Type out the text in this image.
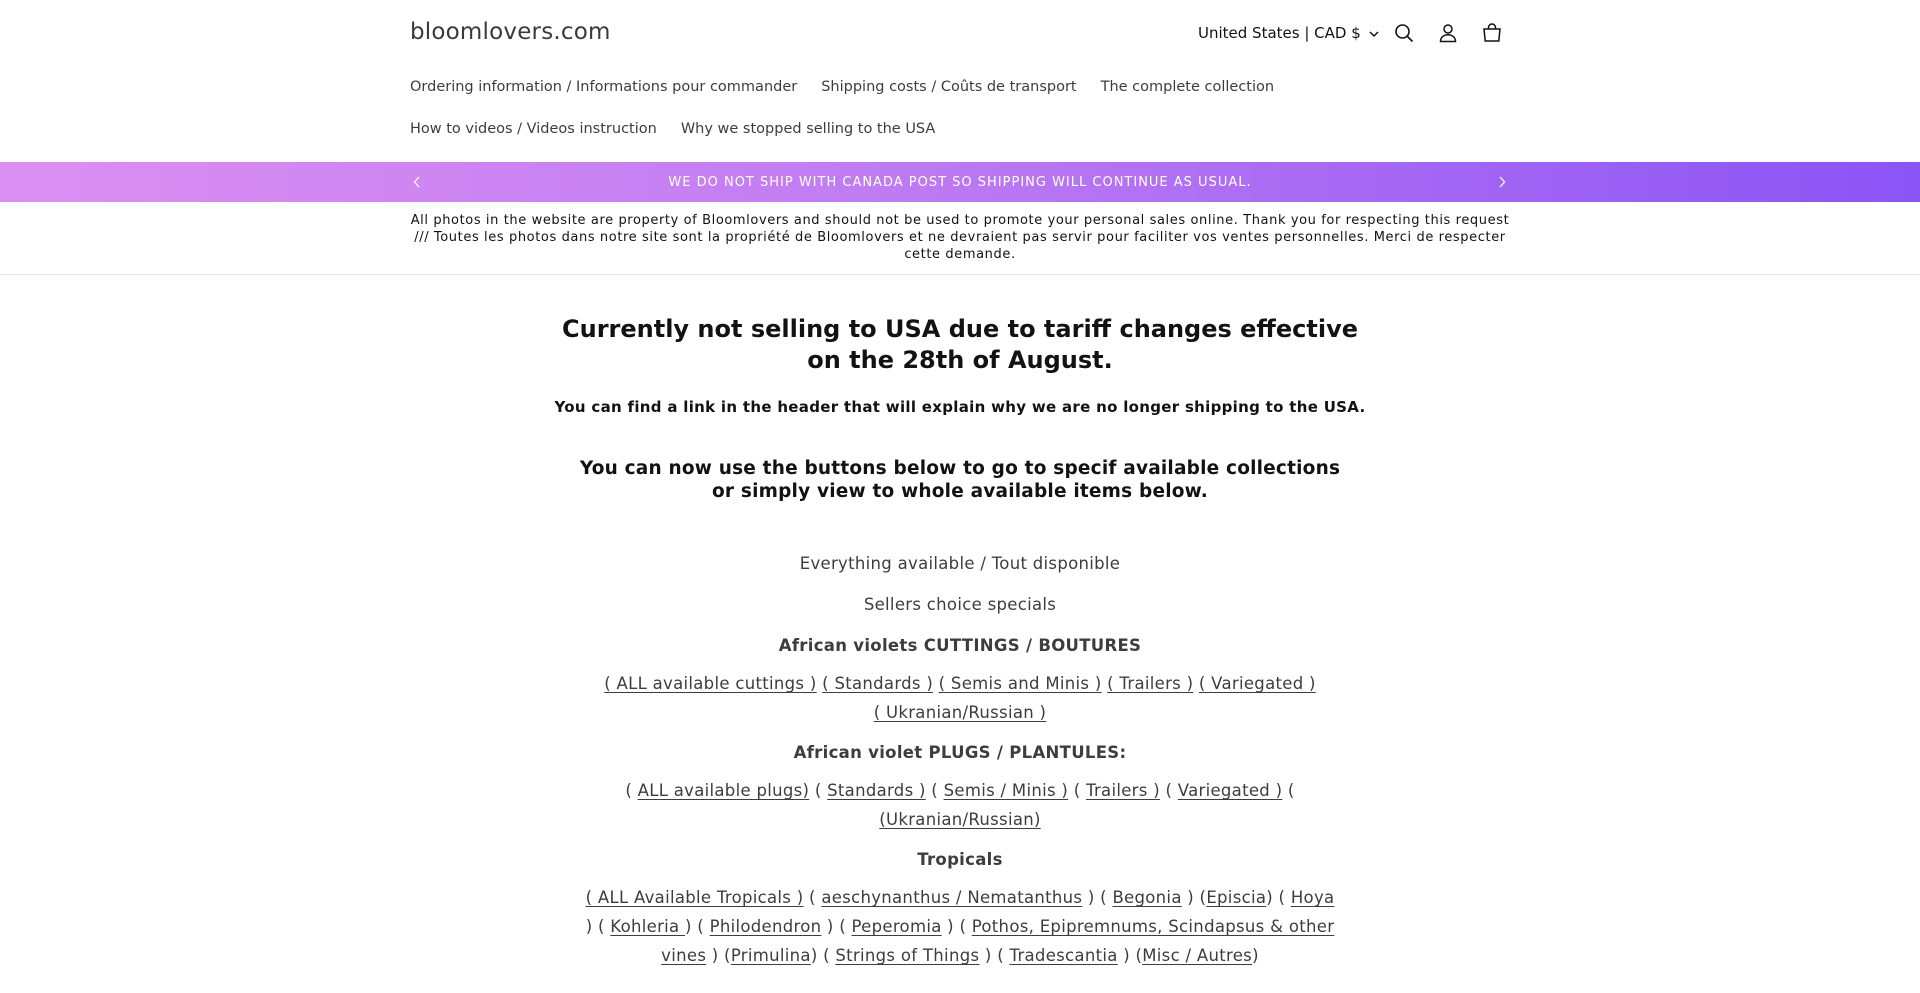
bloomlovers.com	United States | CAD $
Ordering information / Informations pour commander Shipping costs / Coûts de transport The complete collection
How to videos / Videos instruction Why we stopped selling to the USA
WE DO NOT SHIP WITH CANADA POST SO SHIPPING WILL CONTINUE AS USUAL.
All photos in the website are property of Bloomlovers and should not be used to promote your personal sales online. Thank you for respecting this request /// Toutes les photos dans notre site sont la propriété de Bloomlovers et ne devraient pas servir pour faciliter vos ventes personnelles. Merci de respecter cette demande.
Currently not selling to USA due to tariff changes effective on the 28th of August.
You can find a link in the header that will explain why we are no longer shipping to the USA.
You can now use the buttons below to go to specif available collections or simply view to whole available items below.
Everything available / Tout disponible
Sellers choice specials
African violets CUTTINGS / BOUTURES
( ALL available cuttings ) ( Standards ) ( Semis and Minis ) ( Trailers ) ( Variegated ) ( Ukranian/Russian )
African violet PLUGS / PLANTULES:
( ALL available plugs) ( Standards ) ( Semis / Minis ) ( Trailers ) ( Variegated ) ( (Ukranian/Russian)
Tropicals
( ALL Available Tropicals ) ( aeschynanthus / Nematanthus ) ( Begonia ) (Episcia) ( Hoya ) ( Kohleria ) ( Philodendron ) ( Peperomia ) ( Pothos, Epipremnums, Scindapsus & other vines ) (Primulina) ( Strings of Things ) ( Tradescantia ) (Misc / Autres)
